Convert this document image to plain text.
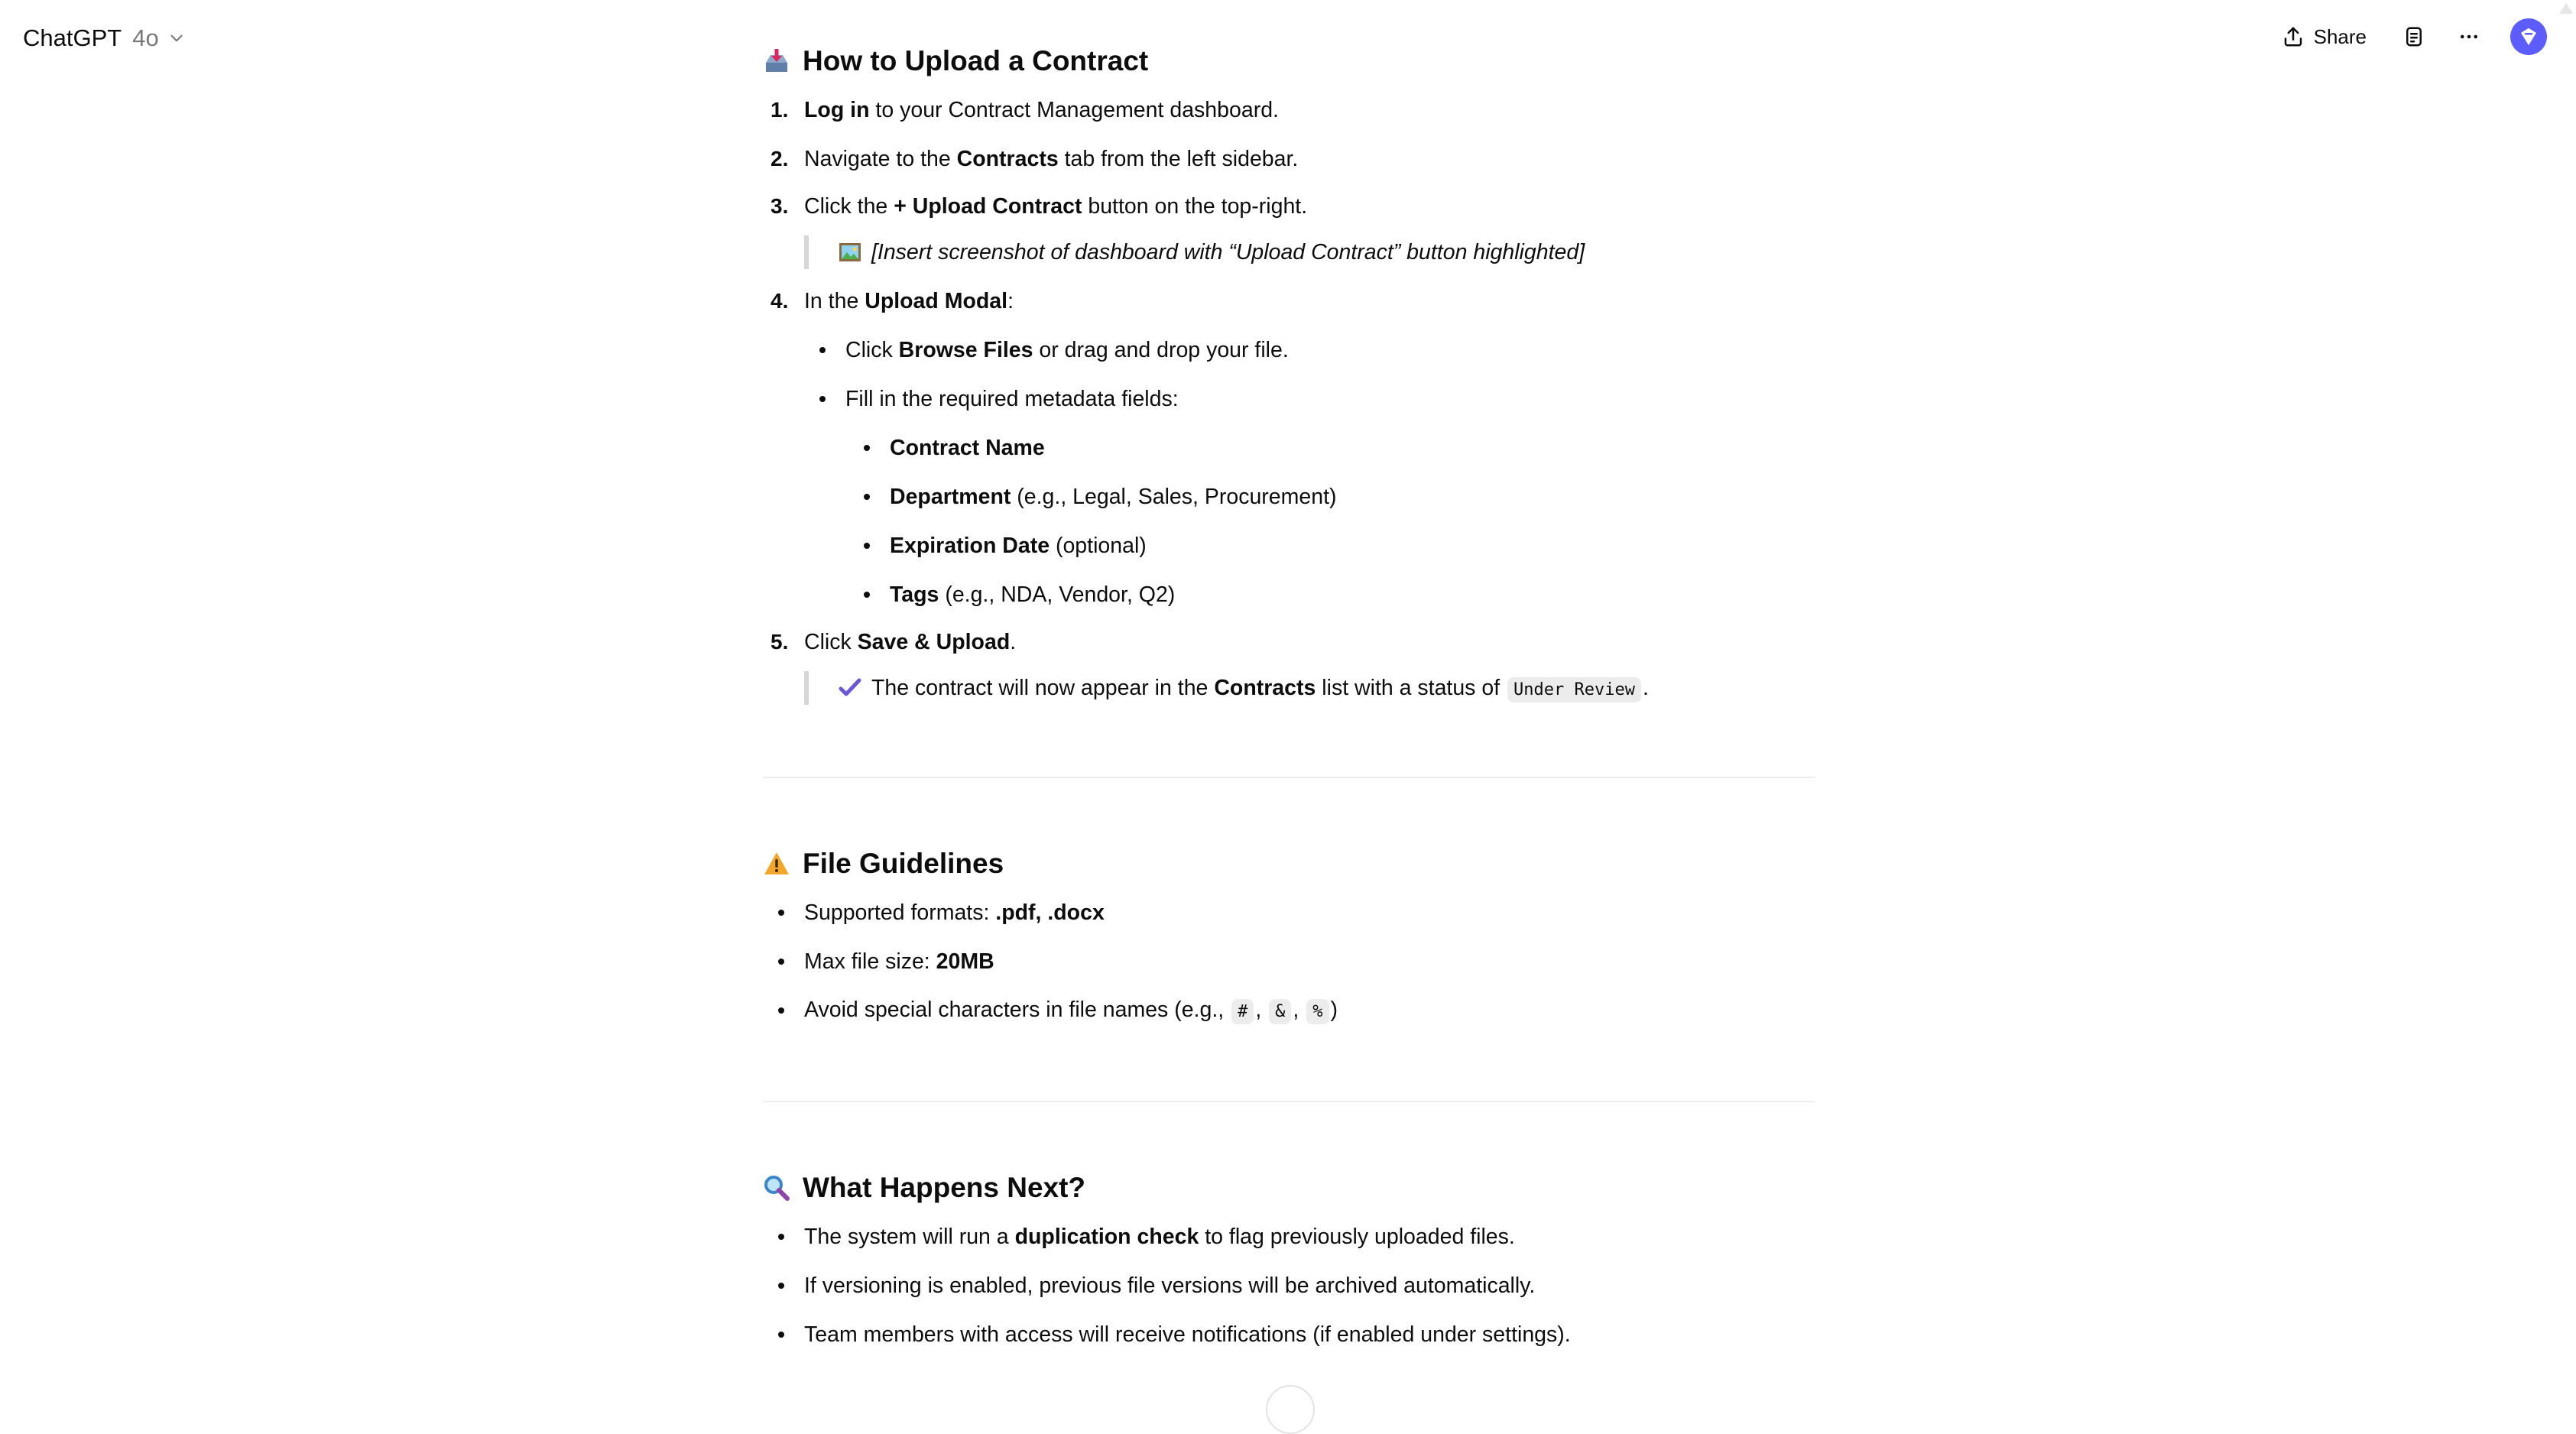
ChatGPT 4o	Share
How to Upload a Contract
1. Log in to your Contract Management dashboard.
2. Navigate to the Contracts tab from the left sidebar.
3. Click the + Upload Contract button on the top-right.
[Insert screenshot of dashboard with “Upload Contract” button highlighted]
4. In the Upload Modal:
Click Browse Files or drag and drop your file.
Fill in the required metadata fields:
Contract Name
Department (e.g., Legal, Sales, Procurement)
Expiration Date (optional)
Tags (e.g., NDA, Vendor, Q2)
5. Click Save & Upload.
The contract will now appear in the Contracts list with a status of Under Review .
File Guidelines
Supported formats: .pdf, .docx
Max file size: 20MB
Avoid special characters in file names (e.g., # , & , % )
What Happens Next?
The system will run a duplication check to flag previously uploaded files.
If versioning is enabled, previous file versions will be archived automatically.
Team members with access will receive notifications (if enabled under settings).
